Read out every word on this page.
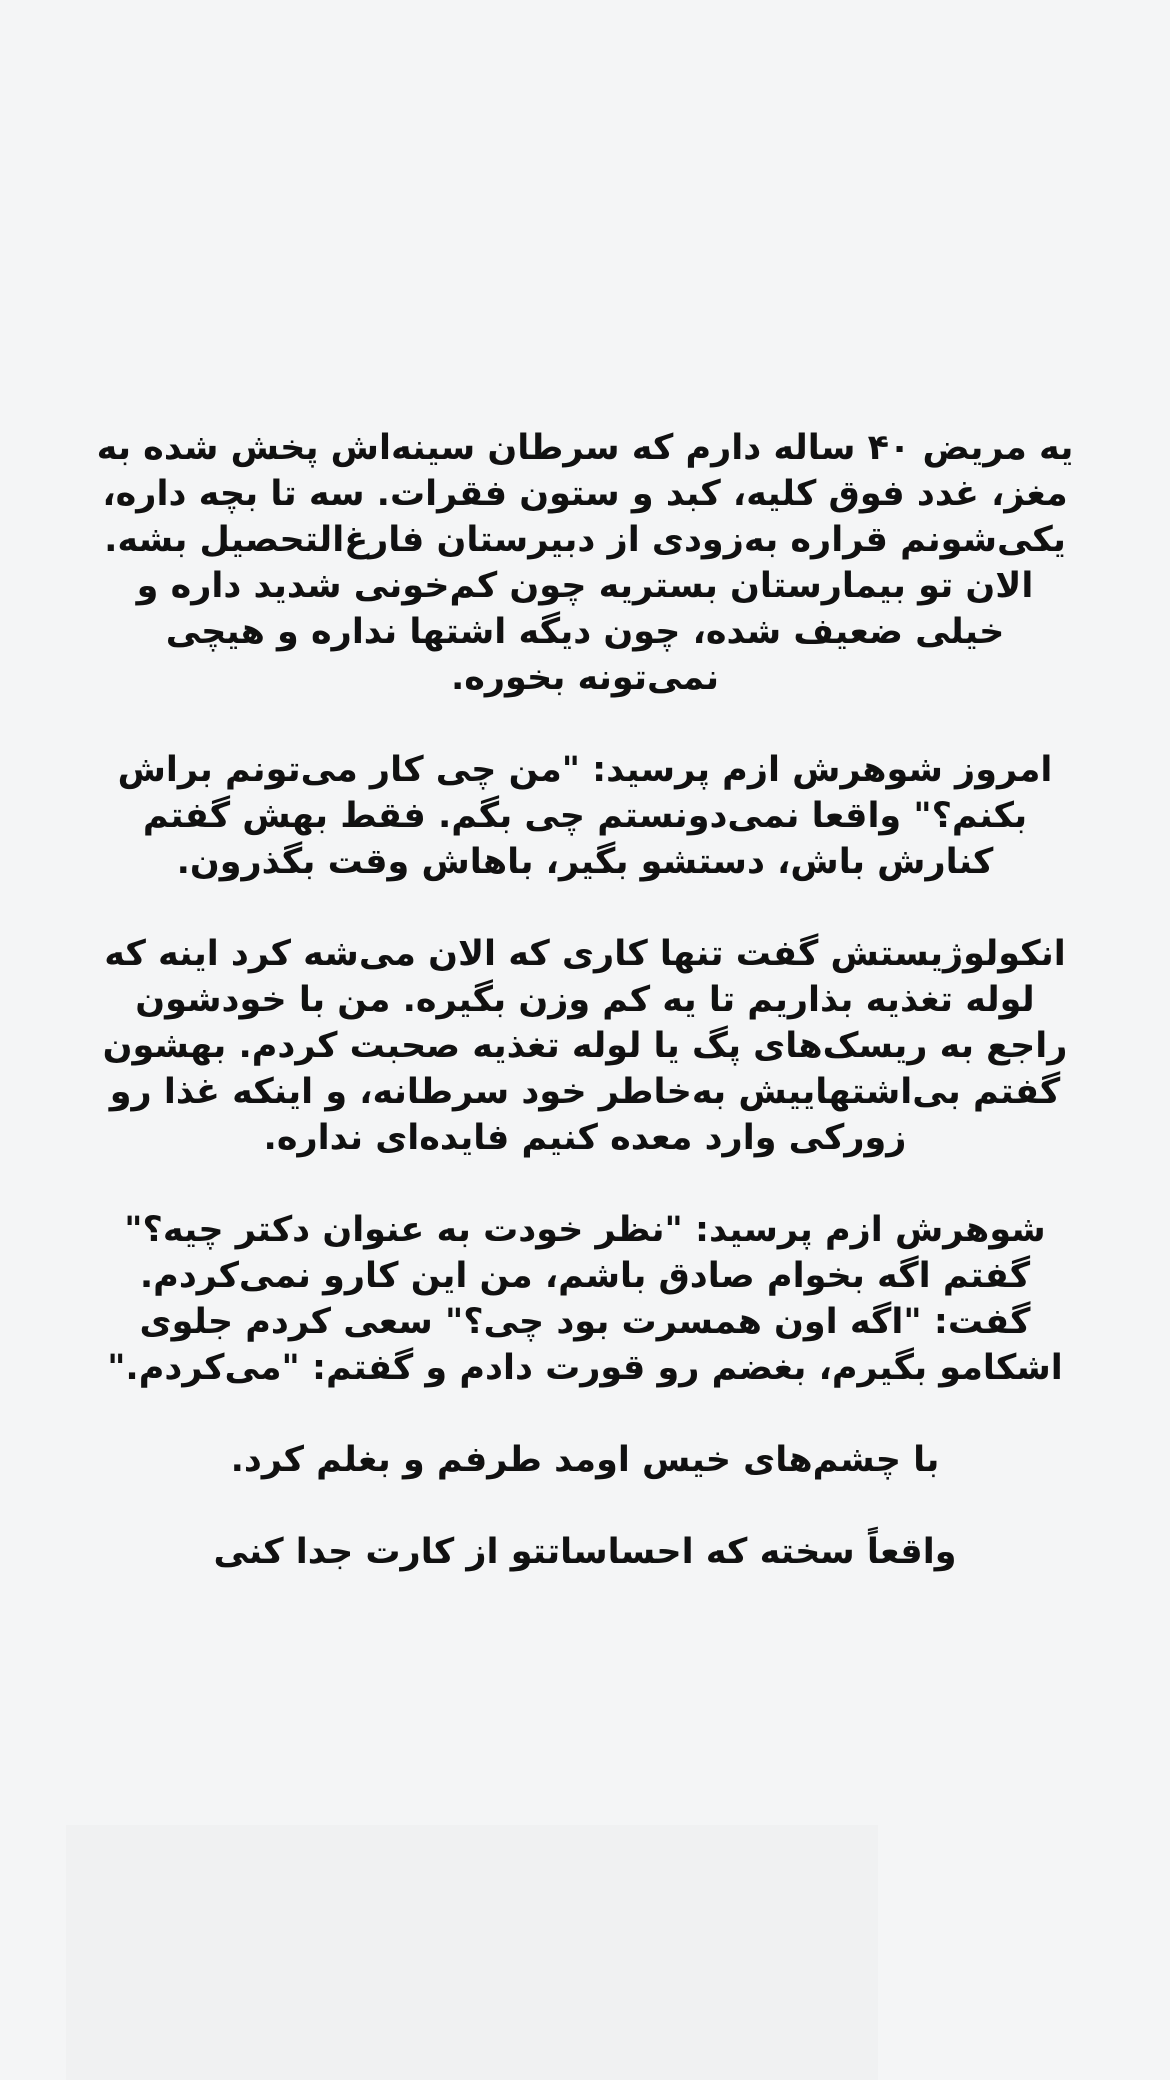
یه مریض ۴۰ ساله دارم که سرطان سینه‌اش پخش شده به مغز، غدد فوق کلیه، کبد و ستون فقرات. سه تا بچه داره، یکی‌شونم قراره به‌زودی از دبیرستان فارغ‌التحصیل بشه. الان تو بیمارستان بستریه چون کم‌خونی شدید داره و خیلی ضعیف شده، چون دیگه اشتها نداره و هیچی نمی‌تونه بخوره.

امروز شوهرش ازم پرسید: "من چی کار می‌تونم براش بکنم؟" واقعا نمی‌دونستم چی بگم. فقط بهش گفتم کنارش باش، دستشو بگیر، باهاش وقت بگذرون.

انکولوژیستش گفت تنها کاری که الان می‌شه کرد اینه که لوله تغذیه بذاریم تا یه کم وزن بگیره. من با خودشون راجع به ریسک‌های پگ یا لوله تغذیه صحبت کردم. بهشون گفتم بی‌اشتهاییش به‌خاطر خود سرطانه، و اینکه غذا رو زورکی وارد معده کنیم فایده‌ای نداره.

شوهرش ازم پرسید: "نظر خودت به عنوان دکتر چیه؟" گفتم اگه بخوام صادق باشم، من این کارو نمی‌کردم. گفت: "اگه اون همسرت بود چی؟" سعی کردم جلوی اشکامو بگیرم، بغضم رو قورت دادم و گفتم: "می‌کردم."

با چشم‌های خیس اومد طرفم و بغلم کرد.

واقعاً سخته که احساساتتو از کارت جدا کنی
